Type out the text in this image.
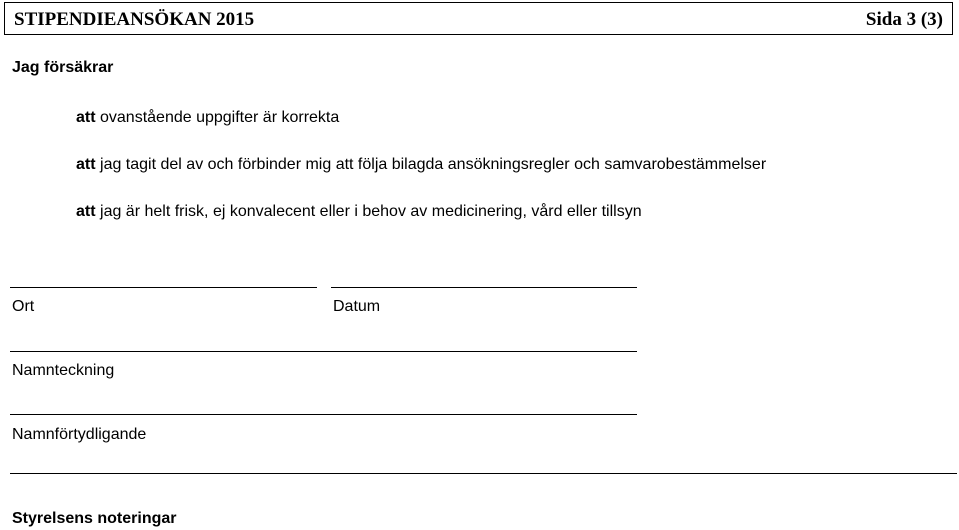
STIPENDIEANSÖKAN 2015	Sida 3 (3)
Jag försäkrar
att ovanstående uppgifter är korrekta
att jag tagit del av och förbinder mig att följa bilagda ansökningsregler och samvarobestämmelser
att jag är helt frisk, ej konvalecent eller i behov av medicinering, vård eller tillsyn
Ort	Datum
Namnteckning
Namnförtydligande
Styrelsens noteringar
